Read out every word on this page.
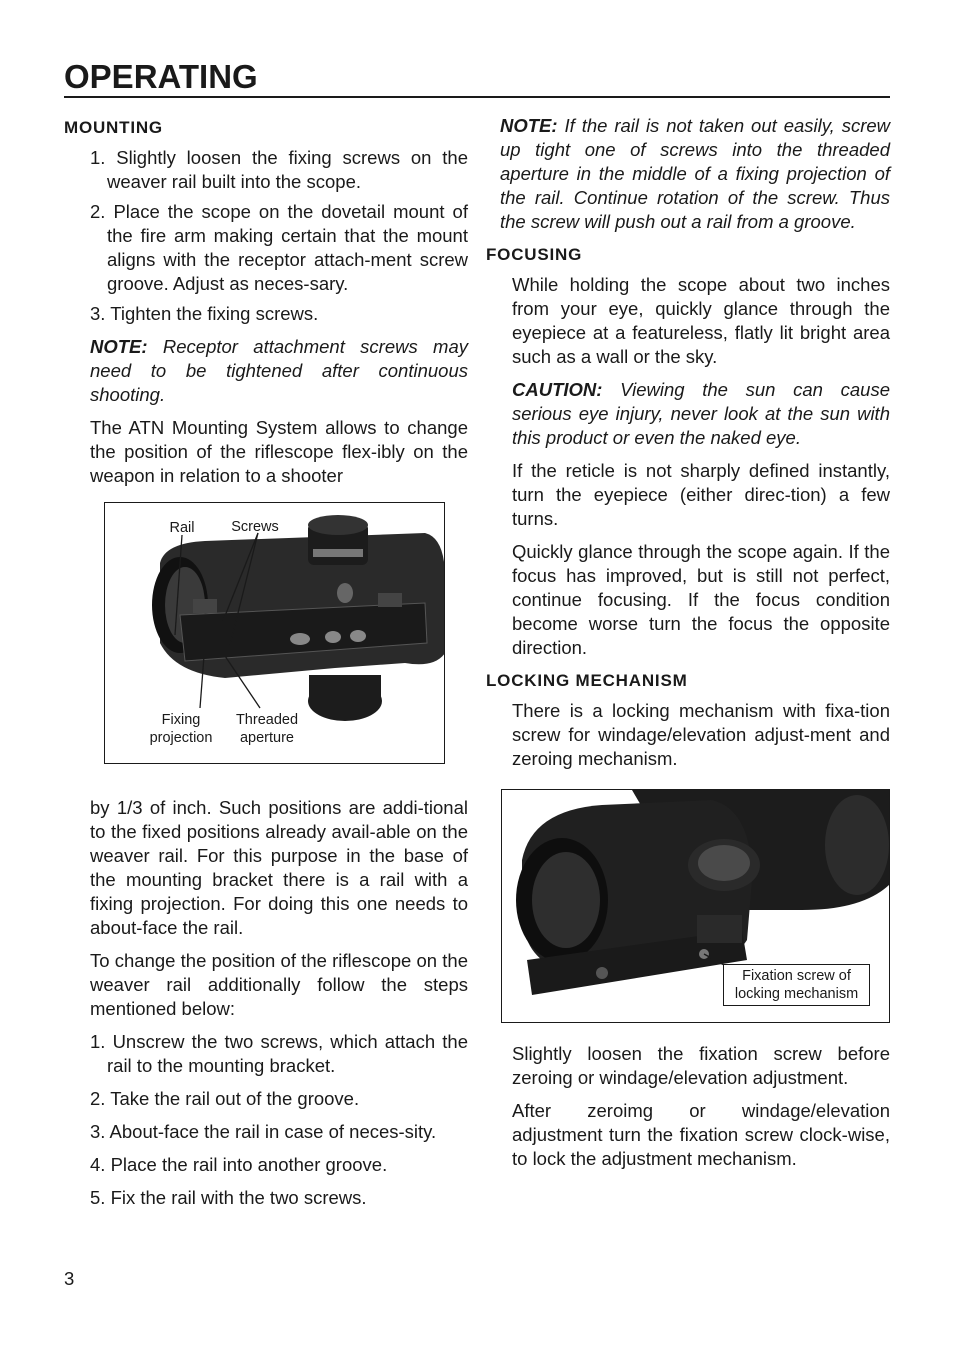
OPERATING
MOUNTING
1. Slightly loosen the fixing screws on the weaver rail built into the scope.
2. Place the scope on the dovetail mount of the fire arm making certain that the mount aligns with the receptor attach-ment screw groove. Adjust as neces-sary.
3. Tighten the fixing screws.

NOTE: Receptor attachment screws may need to be tightened after continuous shooting.

The ATN Mounting System allows to change the position of the riflescope flex-ibly on the weapon in relation to a shooter

Rail	Screws
Fixing
projection
Threaded
aperture

by 1/3 of inch. Such positions are addi-tional to the fixed positions already avail-able on the weaver rail. For this purpose in the base of the mounting bracket there is a rail with a fixing projection. For doing this one needs to about-face the rail.

To change the position of the riflescope on the weaver rail additionally follow the steps mentioned below:

1. Unscrew the two screws, which attach the rail to the mounting bracket.
2. Take the rail out of the groove.
3. About-face the rail in case of neces-sity.
4. Place the rail into another groove.
5. Fix the rail with the two screws.

NOTE: If the rail is not taken out easily, screw up tight one of screws into the threaded aperture in the middle of a fixing projection of the rail. Continue rotation of the screw. Thus the screw will push out a rail from a groove.

FOCUSING

While holding the scope about two inches from your eye, quickly glance through the eyepiece at a featureless, flatly lit bright area such as a wall or the sky.

CAUTION: Viewing the sun can cause serious eye injury, never look at the sun with this product or even the naked eye.

If the reticle is not sharply defined instantly, turn the eyepiece (either direc-tion) a few turns.

Quickly glance through the scope again. If the focus has improved, but is still not perfect, continue focusing. If the focus condition become worse turn the focus the opposite direction.

LOCKING MECHANISM

There is a locking mechanism with fixa-tion screw for windage/elevation adjust-ment and zeroing mechanism.

Fixation screw of
locking mechanism

Slightly loosen the fixation screw before zeroing or windage/elevation adjustment.

After zeroimg or windage/elevation adjustment turn the fixation screw clock-wise, to lock the adjustment mechanism.

3
